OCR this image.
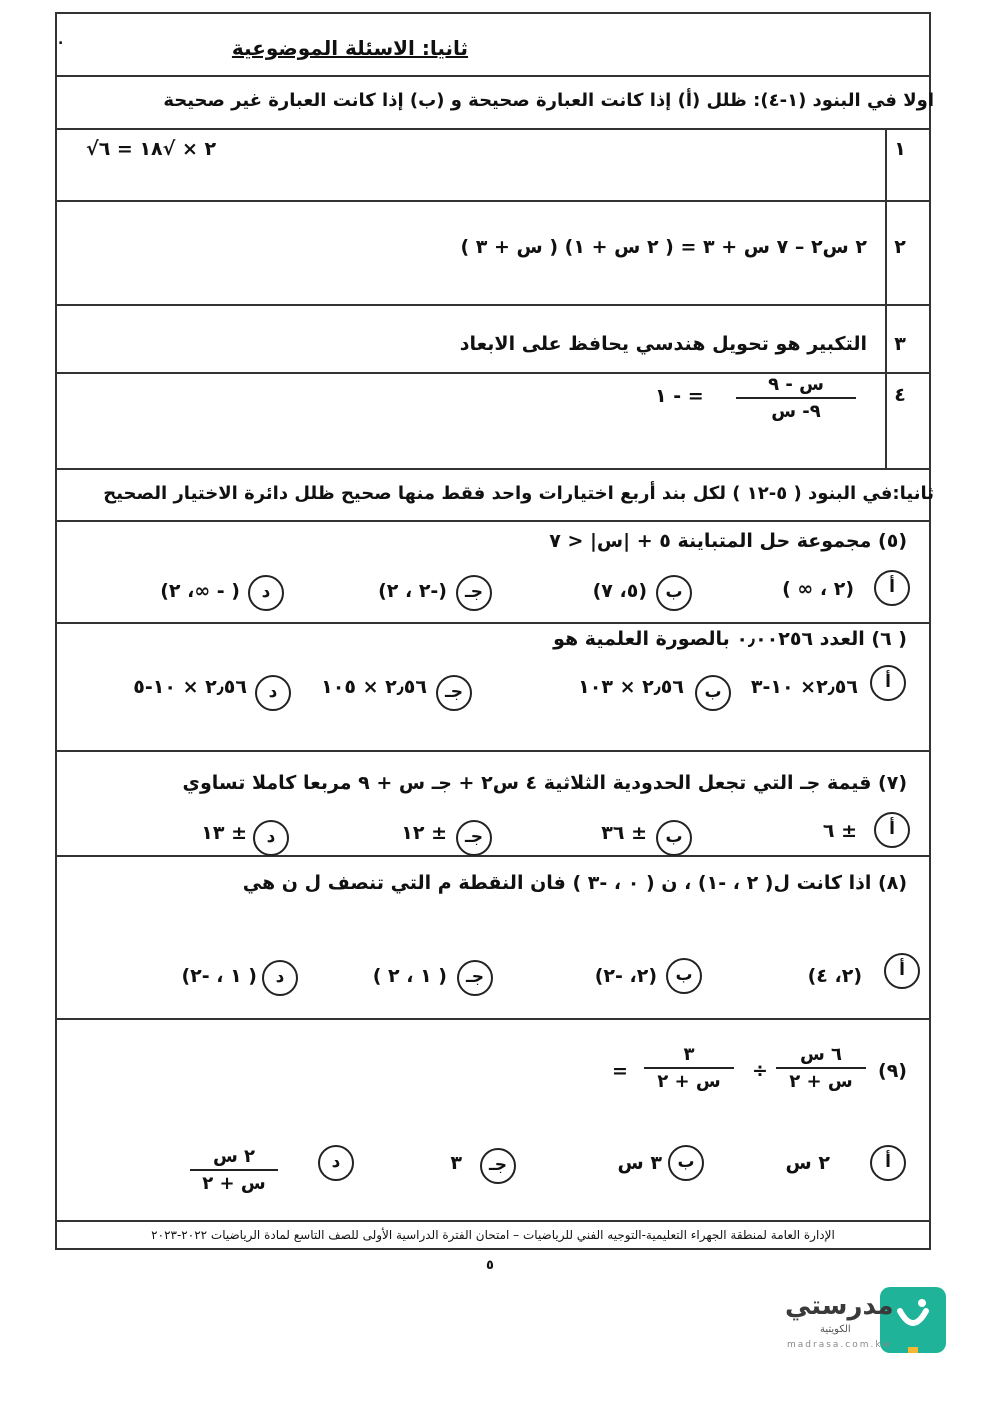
ثانيا: الاسئلة الموضوعية
.
اولا في البنود (١-٤): ظلل (أ) إذا كانت العبارة صحيحة و (ب) إذا كانت العبارة غير صحيحة
١
√٢ × √١٨ = ٦
٢
٢ س٢ – ٧ س + ٣ = ( ٢ س + ١) ( س + ٣ )
٣
التكبير هو تحويل هندسي يحافظ على الابعاد
٤
س - ٩
٩- س
= - ١
ثانيا:في البنود ( ٥-١٢ ) لكل بند أربع اختيارات واحد فقط منها صحيح ظلل دائرة الاختيار الصحيح
(٥) مجموعة حل المتباينة ٥ + |س| < ٧
أ
(٢ ، ∞ )
ب
(٥، ٧)
جـ
(-٢ ، ٢)
د
( - ∞، ٢)
( ٦) العدد ٠٫٠٠٢٥٦ بالصورة العلمية هو
أ
٢٫٥٦× ١٠-٣
ب
٢٫٥٦ × ١٠٣
جـ
٢٫٥٦ × ١٠٥
د
٢٫٥٦ × ١٠-٥
(٧) قيمة جـ التي تجعل الحدودية الثلاثية ٤ س٢ + جـ س + ٩ مربعا كاملا تساوي
أ
± ٦
ب
± ٣٦
جـ
± ١٢
د
± ١٣
(٨) اذا كانت ل( ٢ ، -١) ، ن ( ٠ ، -٣ ) فان النقطة م التي تنصف ل ن هي
أ
(٢، ٤)
ب
(٢، -٢)
جـ
( ١ ، ٢ )
د
( ١ ، -٢)
(٩)
٦ س
س + ٢
÷
٣
س + ٢
=
أ
٢ س
ب
٣ س
جـ
٣
د
٢ س
س + ٢
الإدارة العامة لمنطقة الجهراء التعليمية-التوجيه الفني للرياضيات – امتحان الفترة الدراسية الأولى للصف التاسع لمادة الرياضيات ٢٠٢٢-٢٠٢٣
٥
مدرستي
الكويتية
madrasa.com.kw
